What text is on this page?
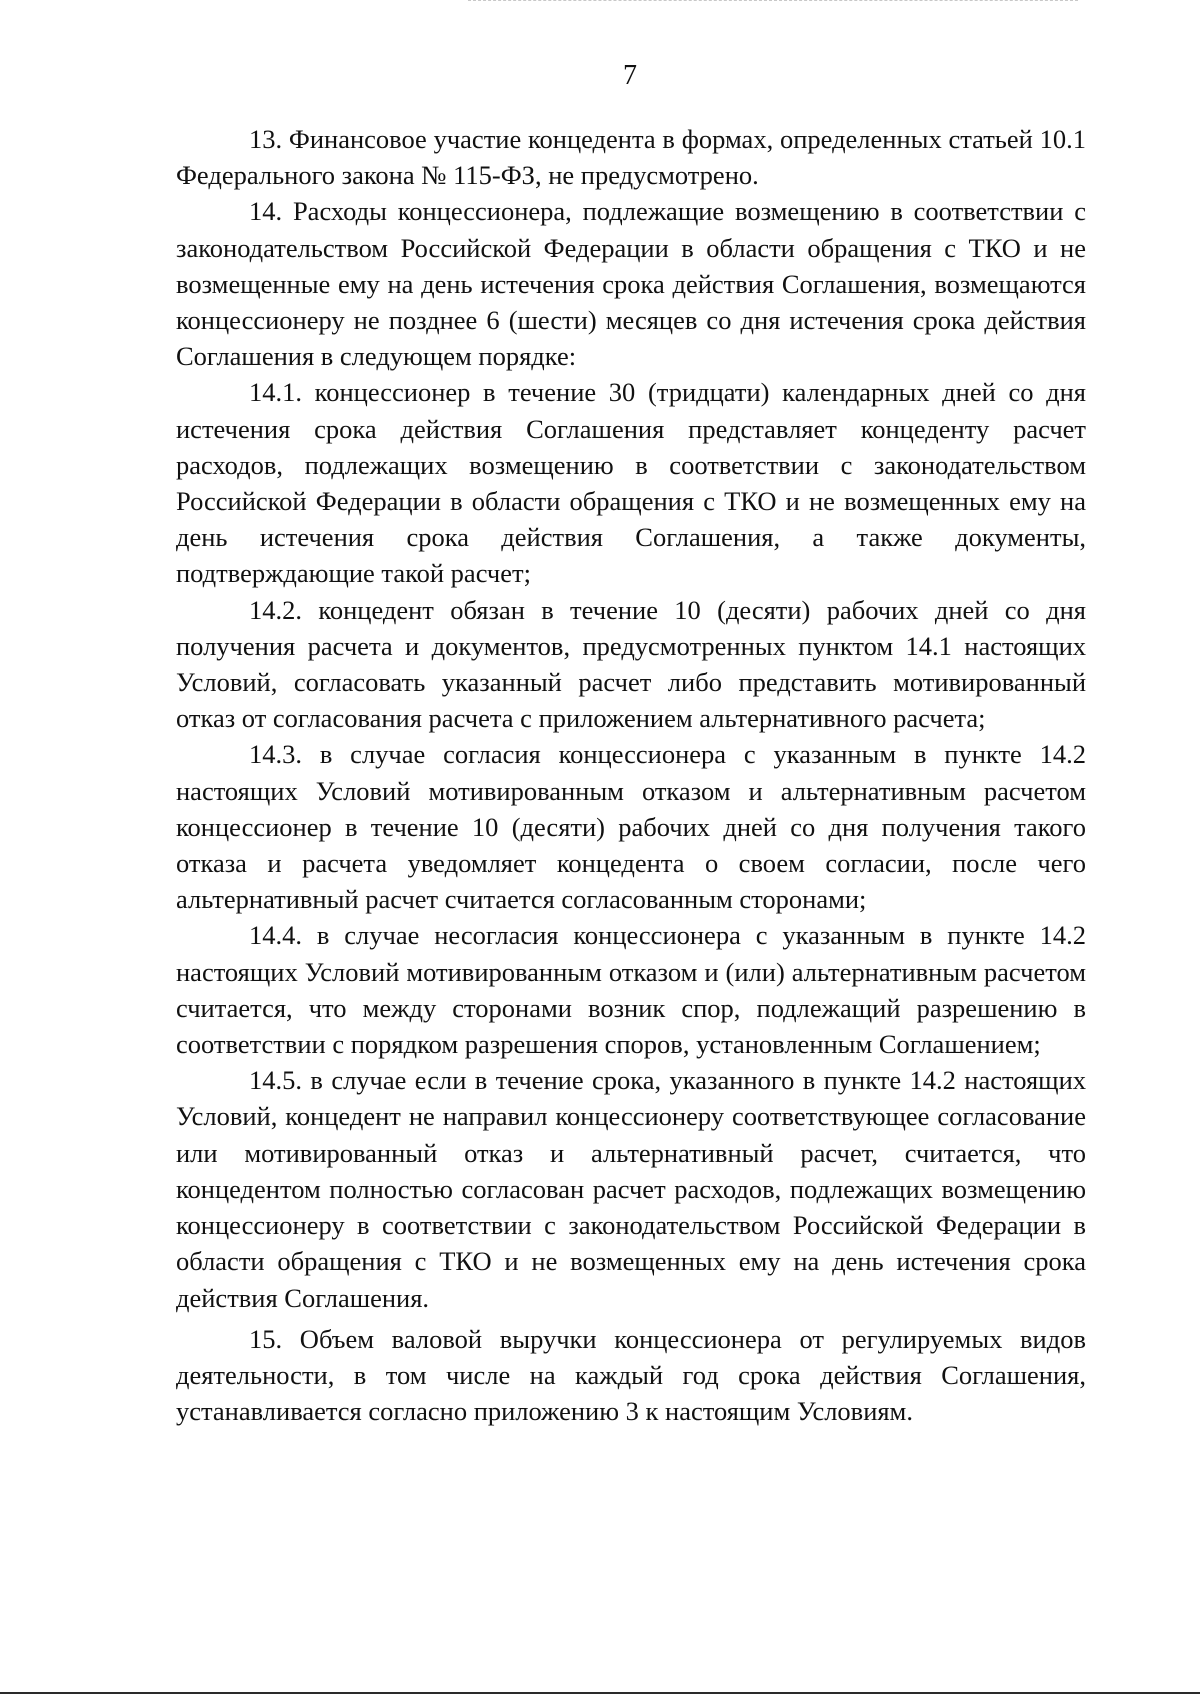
7

13. Финансовое участие концедента в формах, определенных статьей 10.1 Федерального закона № 115-ФЗ, не предусмотрено.

14. Расходы концессионера, подлежащие возмещению в соответствии с законодательством Российской Федерации в области обращения с ТКО и не возмещенные ему на день истечения срока действия Соглашения, возмещаются концессионеру не позднее 6 (шести) месяцев со дня истечения срока действия Соглашения в следующем порядке:

14.1. концессионер в течение 30 (тридцати) календарных дней со дня истечения срока действия Соглашения представляет концеденту расчет расходов, подлежащих возмещению в соответствии с законодательством Российской Федерации в области обращения с ТКО и не возмещенных ему на день истечения срока действия Соглашения, а также документы, подтверждающие такой расчет;

14.2. концедент обязан в течение 10 (десяти) рабочих дней со дня получения расчета и документов, предусмотренных пунктом 14.1 настоящих Условий, согласовать указанный расчет либо представить мотивированный отказ от согласования расчета с приложением альтернативного расчета;

14.3. в случае согласия концессионера с указанным в пункте 14.2 настоящих Условий мотивированным отказом и альтернативным расчетом концессионер в течение 10 (десяти) рабочих дней со дня получения такого отказа и расчета уведомляет концедента о своем согласии, после чего альтернативный расчет считается согласованным сторонами;

14.4. в случае несогласия концессионера с указанным в пункте 14.2 настоящих Условий мотивированным отказом и (или) альтернативным расчетом считается, что между сторонами возник спор, подлежащий разрешению в соответствии с порядком разрешения споров, установленным Соглашением;

14.5. в случае если в течение срока, указанного в пункте 14.2 настоящих Условий, концедент не направил концессионеру соответствующее согласование или мотивированный отказ и альтернативный расчет, считается, что концедентом полностью согласован расчет расходов, подлежащих возмещению концессионеру в соответствии с законодательством Российской Федерации в области обращения с ТКО и не возмещенных ему на день истечения срока действия Соглашения.

15. Объем валовой выручки концессионера от регулируемых видов деятельности, в том числе на каждый год срока действия Соглашения, устанавливается согласно приложению 3 к настоящим Условиям.
